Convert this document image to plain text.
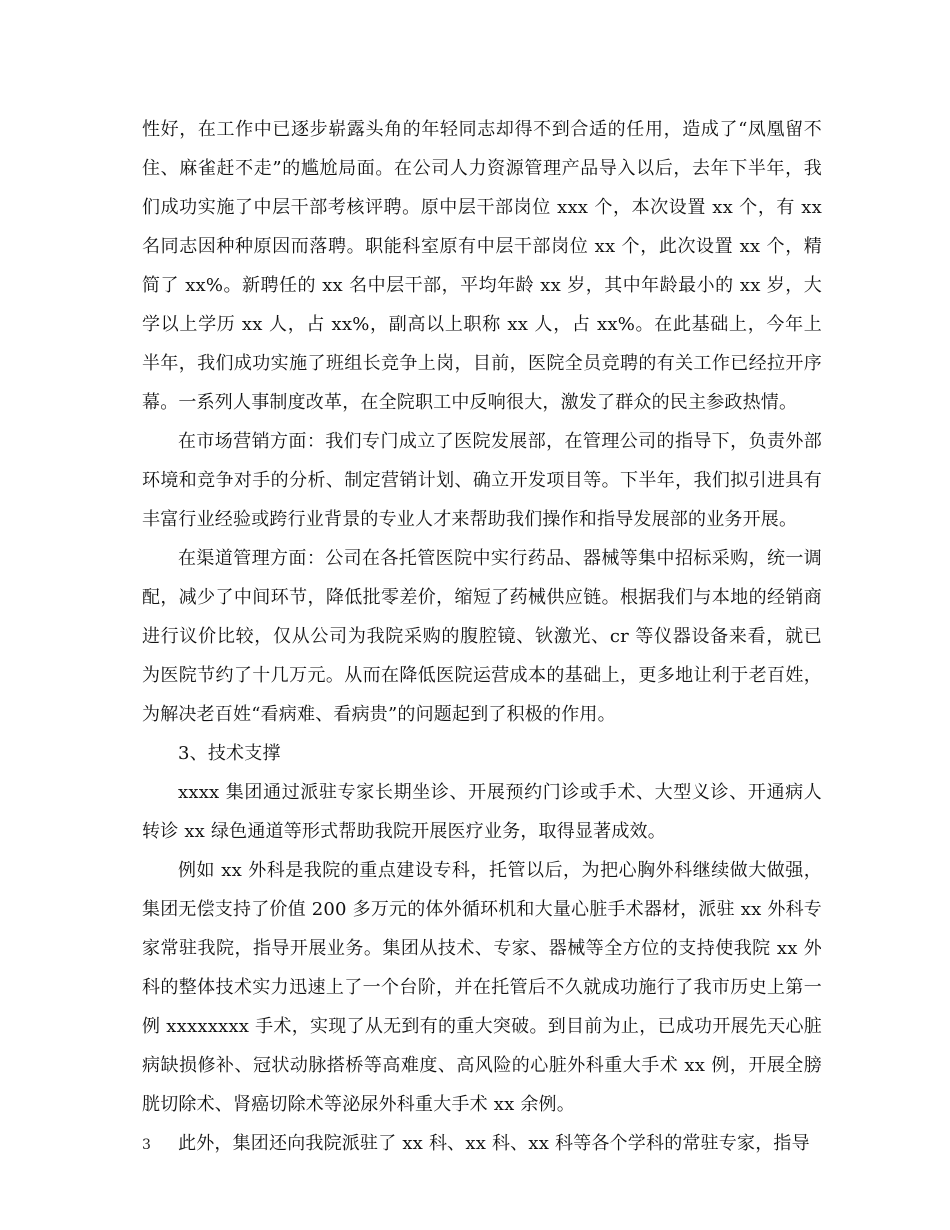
性好，在工作中已逐步崭露头角的年轻同志却得不到合适的任用，造成了“凤凰留不住、麻雀赶不走”的尴尬局面。在公司人力资源管理产品导入以后，去年下半年，我们成功实施了中层干部考核评聘。原中层干部岗位 xxx 个，本次设置 xx 个，有 xx 名同志因种种原因而落聘。职能科室原有中层干部岗位 xx 个，此次设置 xx 个，精简了 xx%。新聘任的 xx 名中层干部，平均年龄 xx 岁，其中年龄最小的 xx 岁，大学以上学历 xx 人，占 xx%，副高以上职称 xx 人，占 xx%。在此基础上，今年上半年，我们成功实施了班组长竞争上岗，目前，医院全员竞聘的有关工作已经拉开序幕。一系列人事制度改革，在全院职工中反响很大，激发了群众的民主参政热情。

在市场营销方面：我们专门成立了医院发展部，在管理公司的指导下，负责外部环境和竞争对手的分析、制定营销计划、确立开发项目等。下半年，我们拟引进具有丰富行业经验或跨行业背景的专业人才来帮助我们操作和指导发展部的业务开展。

在渠道管理方面：公司在各托管医院中实行药品、器械等集中招标采购，统一调配，减少了中间环节，降低批零差价，缩短了药械供应链。根据我们与本地的经销商进行议价比较，仅从公司为我院采购的腹腔镜、钬激光、cr 等仪器设备来看，就已为医院节约了十几万元。从而在降低医院运营成本的基础上，更多地让利于老百姓，为解决老百姓“看病难、看病贵”的问题起到了积极的作用。

3、技术支撑

xxxx 集团通过派驻专家长期坐诊、开展预约门诊或手术、大型义诊、开通病人转诊 xx 绿色通道等形式帮助我院开展医疗业务，取得显著成效。

例如 xx 外科是我院的重点建设专科，托管以后，为把心胸外科继续做大做强，集团无偿支持了价值 200 多万元的体外循环机和大量心脏手术器材，派驻 xx 外科专家常驻我院，指导开展业务。集团从技术、专家、器械等全方位的支持使我院 xx 外科的整体技术实力迅速上了一个台阶，并在托管后不久就成功施行了我市历史上第一例 xxxxxxxx 手术，实现了从无到有的重大突破。到目前为止，已成功开展先天心脏病缺损修补、冠状动脉搭桥等高难度、高风险的心脏外科重大手术 xx 例，开展全膀胱切除术、肾癌切除术等泌尿外科重大手术 xx 余例。

此外，集团还向我院派驻了 xx 科、xx 科、xx 科等各个学科的常驻专家，指导

3
